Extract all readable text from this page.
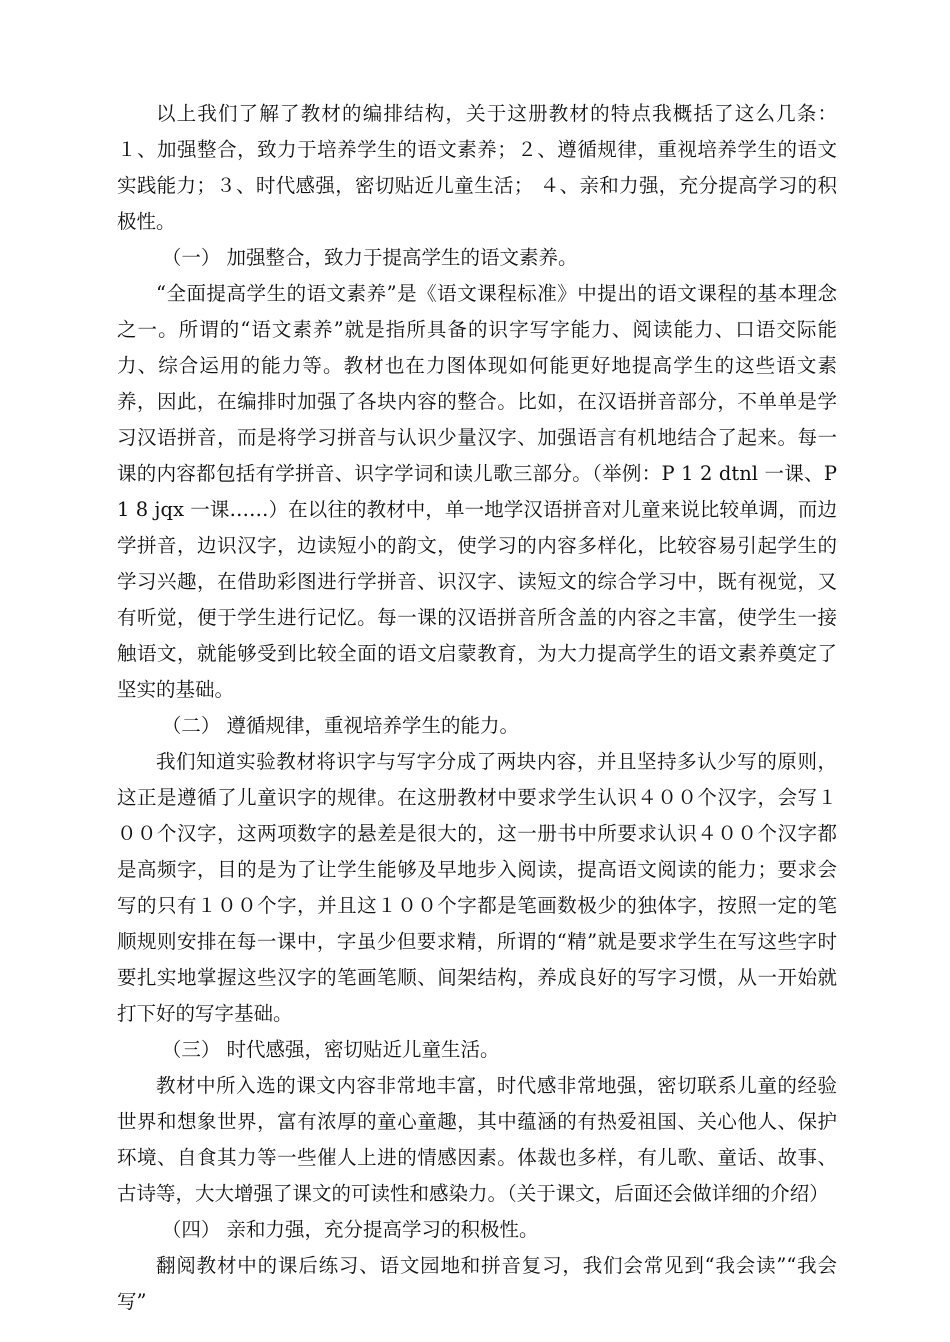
以上我们了解了教材的编排结构，关于这册教材的特点我概括了这么几条：１、加强整合，致力于培养学生的语文素养；２、遵循规律，重视培养学生的语文实践能力；３、时代感强，密切贴近儿童生活； ４、亲和力强，充分提高学习的积极性。

（一） 加强整合，致力于提高学生的语文素养。

“全面提高学生的语文素养”是《语文课程标准》中提出的语文课程的基本理念之一。所谓的“语文素养”就是指所具备的识字写字能力、阅读能力、口语交际能力、综合运用的能力等。教材也在力图体现如何能更好地提高学生的这些语文素养，因此，在编排时加强了各块内容的整合。比如，在汉语拼音部分，不单单是学习汉语拼音，而是将学习拼音与认识少量汉字、加强语言有机地结合了起来。每一课的内容都包括有学拼音、识字学词和读儿歌三部分。（举例：P 1 2 dtnl 一课、P 1 8 jqx 一课……）在以往的教材中，单一地学汉语拼音对儿童来说比较单调，而边学拼音，边识汉字，边读短小的韵文，使学习的内容多样化，比较容易引起学生的学习兴趣，在借助彩图进行学拼音、识汉字、读短文的综合学习中，既有视觉，又有听觉，便于学生进行记忆。每一课的汉语拼音所含盖的内容之丰富，使学生一接触语文，就能够受到比较全面的语文启蒙教育，为大力提高学生的语文素养奠定了坚实的基础。

（二） 遵循规律，重视培养学生的能力。

我们知道实验教材将识字与写字分成了两块内容，并且坚持多认少写的原则，这正是遵循了儿童识字的规律。在这册教材中要求学生认识４００个汉字，会写１００个汉字，这两项数字的悬差是很大的，这一册书中所要求认识４００个汉字都是高频字，目的是为了让学生能够及早地步入阅读，提高语文阅读的能力；要求会写的只有１００个字，并且这１００个字都是笔画数极少的独体字，按照一定的笔顺规则安排在每一课中，字虽少但要求精，所谓的“精”就是要求学生在写这些字时要扎实地掌握这些汉字的笔画笔顺、间架结构，养成良好的写字习惯，从一开始就打下好的写字基础。

（三） 时代感强，密切贴近儿童生活。

教材中所入选的课文内容非常地丰富，时代感非常地强，密切联系儿童的经验世界和想象世界，富有浓厚的童心童趣，其中蕴涵的有热爱祖国、关心他人、保护环境、自食其力等一些催人上进的情感因素。体裁也多样，有儿歌、童话、故事、古诗等，大大增强了课文的可读性和感染力。（关于课文，后面还会做详细的介绍）

（四） 亲和力强，充分提高学习的积极性。

翻阅教材中的课后练习、语文园地和拼音复习，我们会常见到“我会读”“我会写”
